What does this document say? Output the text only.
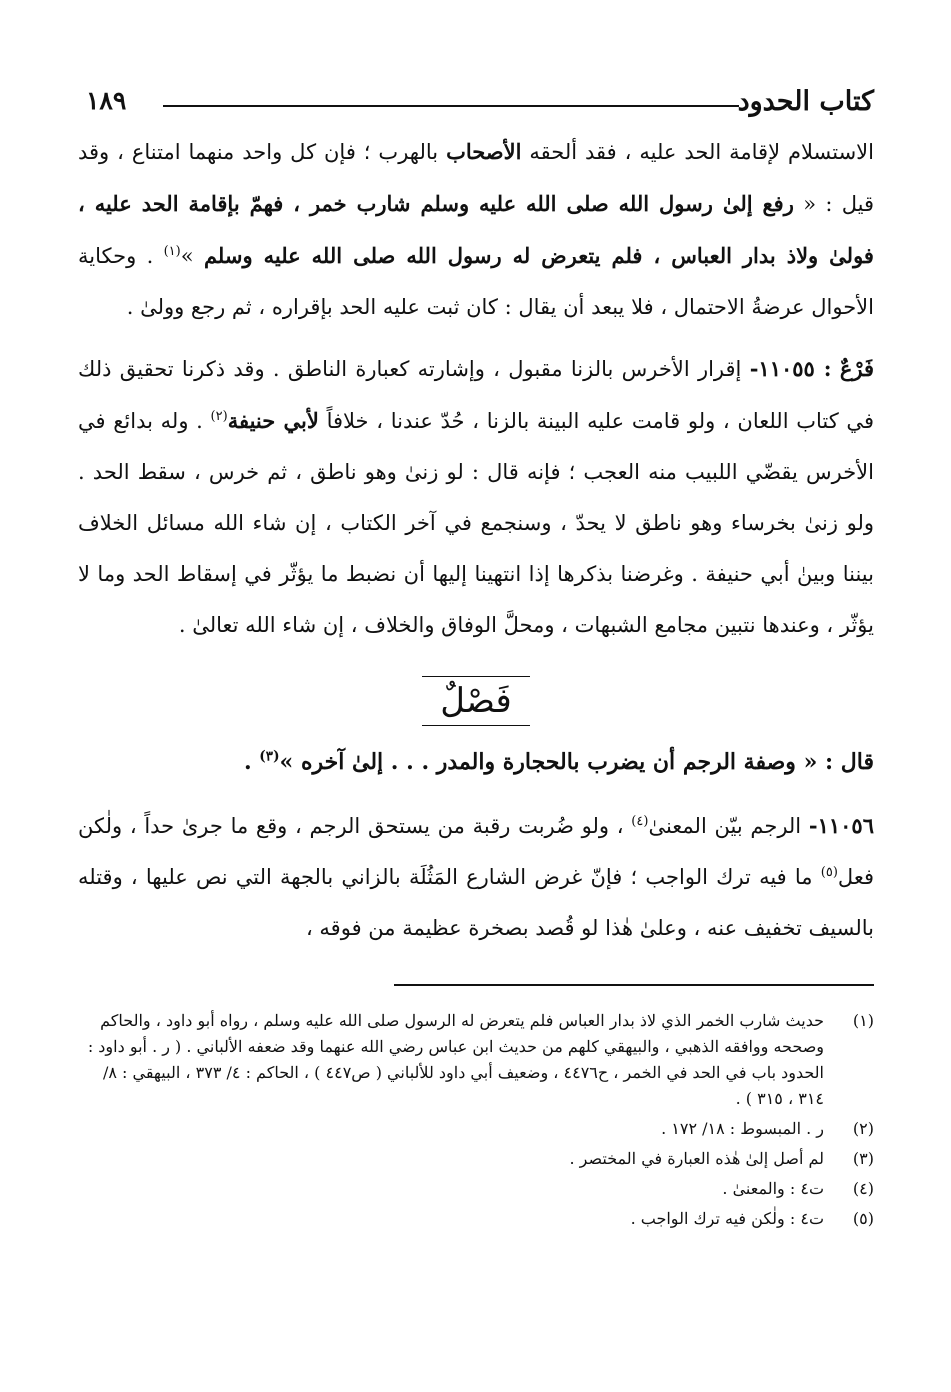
كتاب الحدود
١٨٩

الاستسلام لإقامة الحد عليه ، فقد ألحقه الأصحاب بالهرب ؛ فإن كل واحد منهما امتناع ، وقد قيل : « رفع إلىٰ رسول الله صلى الله عليه وسلم شارب خمر ، فهمّ بإقامة الحد عليه ، فولىٰ ولاذ بدار العباس ، فلم يتعرض له رسول الله صلى الله عليه وسلم »$^{(١)}$ . وحكاية الأحوال عرضةُ الاحتمال ، فلا يبعد أن يقال : كان ثبت عليه الحد بإقراره ، ثم رجع وولىٰ .

فَرْعٌ : ١١٠٥٥- إقرار الأخرس بالزنا مقبول ، وإشارته كعبارة الناطق . وقد ذكرنا تحقيق ذلك في كتاب اللعان ، ولو قامت عليه البينة بالزنا ، حُدّ عندنا ، خلافاً لأبي حنيفة$^{(٢)}$ . وله بدائع في الأخرس يقضّي اللبيب منه العجب ؛ فإنه قال : لو زنىٰ وهو ناطق ، ثم خرس ، سقط الحد . ولو زنىٰ بخرساء وهو ناطق لا يحدّ ، وسنجمع في آخر الكتاب ، إن شاء الله مسائل الخلاف بيننا وبينٰ أبي حنيفة . وغرضنا بذكرها إذا انتهينا إليها أن نضبط ما يؤثّر في إسقاط الحد وما لا يؤثّر ، وعندها نتبين مجامع الشبهات ، ومحلَّ الوفاق والخلاف ، إن شاء الله تعالىٰ .

فَصْلٌ

قال : « وصفة الرجم أن يضرب بالحجارة والمدر . . . إلىٰ آخره »$^{(٣)}$ .

١١٠٥٦- الرجم بيّن المعنىٰ$^{(٤)}$ ، ولو ضُربت رقبة من يستحق الرجم ، وقع ما جرىٰ حداً ، ولٰكن فعل$^{(٥)}$ ما فيه ترك الواجب ؛ فإنّ غرض الشارع المَثُلَة بالزاني بالجهة التي نص عليها ، وقتله بالسيف تخفيف عنه ، وعلىٰ هٰذا لو قُصد بصخرة عظيمة من فوقه ،

(١)
حديث شارب الخمر الذي لاذ بدار العباس فلم يتعرض له الرسول صلى الله عليه وسلم ، رواه أبو داود ، والحاكم وصححه ووافقه الذهبي ، والبيهقي كلهم من حديث ابن عباس رضي الله عنهما وقد ضعفه الألباني . ( ر . أبو داود : الحدود باب في الحد في الخمر ، ح٤٤٧٦ ، وضعيف أبي داود للألباني ( ص٤٤٧ ) ، الحاكم : ٤/ ٣٧٣ ، البيهقي : ٨/ ٣١٤ ، ٣١٥ ) .
(٢)
ر . المبسوط : ١٨/ ١٧٢ .
(٣)
لم أصل إلىٰ هٰذه العبارة في المختصر .
(٤)
ت٤ : والمعنىٰ .
(٥)
ت٤ : ولٰكن فيه ترك الواجب .
